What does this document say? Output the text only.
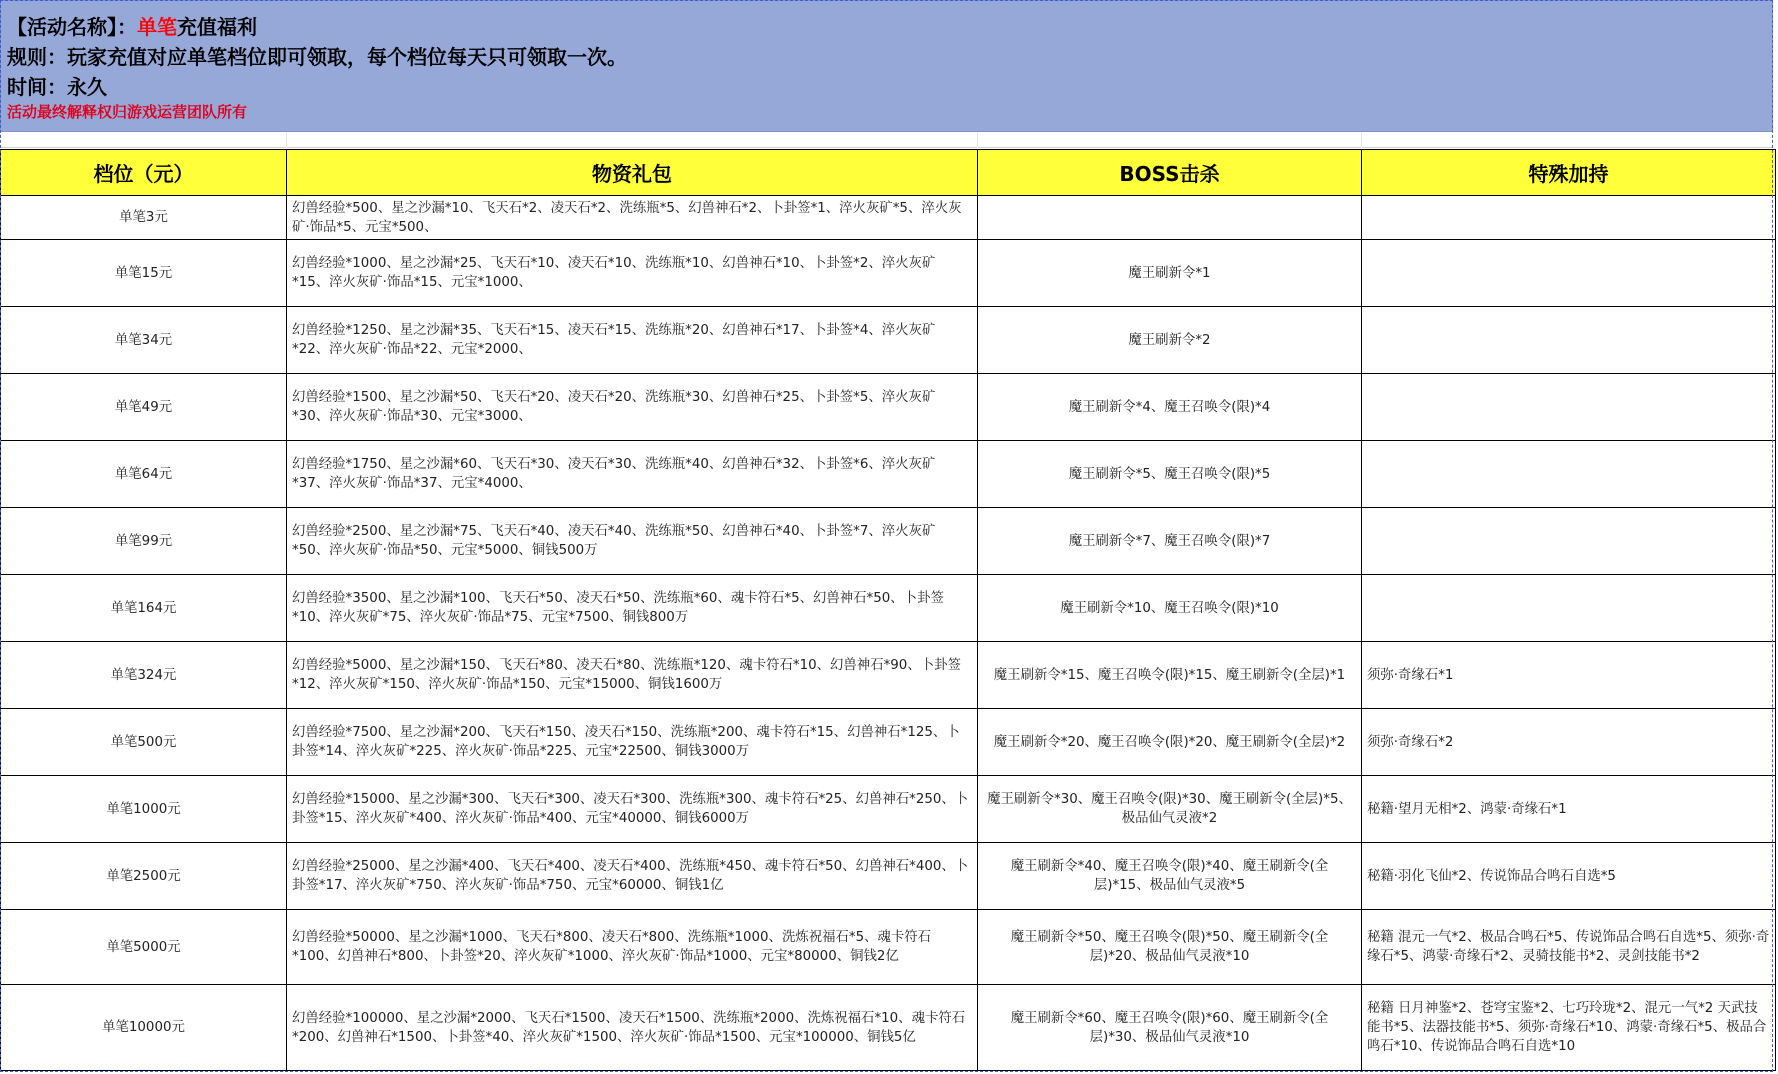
【活动名称】：单笔充值福利
规则：玩家充值对应单笔档位即可领取，每个档位每天只可领取一次。
时间：永久
活动最终解释权归游戏运营团队所有
档位（元）	物资礼包	BOSS击杀	特殊加持
单笔3元	幻兽经验*500、星之沙漏*10、飞天石*2、凌天石*2、洗练瓶*5、幻兽神石*2、卜卦签*1、淬火灰矿*5、淬火灰矿·饰品*5、元宝*500、		
单笔15元	幻兽经验*1000、星之沙漏*25、飞天石*10、凌天石*10、洗练瓶*10、幻兽神石*10、卜卦签*2、淬火灰矿*15、淬火灰矿·饰品*15、元宝*1000、	魔王刷新令*1	
单笔34元	幻兽经验*1250、星之沙漏*35、飞天石*15、凌天石*15、洗练瓶*20、幻兽神石*17、卜卦签*4、淬火灰矿*22、淬火灰矿·饰品*22、元宝*2000、	魔王刷新令*2	
单笔49元	幻兽经验*1500、星之沙漏*50、飞天石*20、凌天石*20、洗练瓶*30、幻兽神石*25、卜卦签*5、淬火灰矿*30、淬火灰矿·饰品*30、元宝*3000、	魔王刷新令*4、魔王召唤令(限)*4	
单笔64元	幻兽经验*1750、星之沙漏*60、飞天石*30、凌天石*30、洗练瓶*40、幻兽神石*32、卜卦签*6、淬火灰矿*37、淬火灰矿·饰品*37、元宝*4000、	魔王刷新令*5、魔王召唤令(限)*5	
单笔99元	幻兽经验*2500、星之沙漏*75、飞天石*40、凌天石*40、洗练瓶*50、幻兽神石*40、卜卦签*7、淬火灰矿*50、淬火灰矿·饰品*50、元宝*5000、铜钱500万	魔王刷新令*7、魔王召唤令(限)*7	
单笔164元	幻兽经验*3500、星之沙漏*100、飞天石*50、凌天石*50、洗练瓶*60、魂卡符石*5、幻兽神石*50、卜卦签*10、淬火灰矿*75、淬火灰矿·饰品*75、元宝*7500、铜钱800万	魔王刷新令*10、魔王召唤令(限)*10	
单笔324元	幻兽经验*5000、星之沙漏*150、飞天石*80、凌天石*80、洗练瓶*120、魂卡符石*10、幻兽神石*90、卜卦签*12、淬火灰矿*150、淬火灰矿·饰品*150、元宝*15000、铜钱1600万	魔王刷新令*15、魔王召唤令(限)*15、魔王刷新令(全层)*1	须弥·奇缘石*1
单笔500元	幻兽经验*7500、星之沙漏*200、飞天石*150、凌天石*150、洗练瓶*200、魂卡符石*15、幻兽神石*125、卜卦签*14、淬火灰矿*225、淬火灰矿·饰品*225、元宝*22500、铜钱3000万	魔王刷新令*20、魔王召唤令(限)*20、魔王刷新令(全层)*2	须弥·奇缘石*2
单笔1000元	幻兽经验*15000、星之沙漏*300、飞天石*300、凌天石*300、洗练瓶*300、魂卡符石*25、幻兽神石*250、卜卦签*15、淬火灰矿*400、淬火灰矿·饰品*400、元宝*40000、铜钱6000万	魔王刷新令*30、魔王召唤令(限)*30、魔王刷新令(全层)*5、极品仙气灵液*2	秘籍·望月无相*2、鸿蒙·奇缘石*1
单笔2500元	幻兽经验*25000、星之沙漏*400、飞天石*400、凌天石*400、洗练瓶*450、魂卡符石*50、幻兽神石*400、卜卦签*17、淬火灰矿*750、淬火灰矿·饰品*750、元宝*60000、铜钱1亿	魔王刷新令*40、魔王召唤令(限)*40、魔王刷新令(全层)*15、极品仙气灵液*5	秘籍·羽化飞仙*2、传说饰品合鸣石自选*5
单笔5000元	幻兽经验*50000、星之沙漏*1000、飞天石*800、凌天石*800、洗练瓶*1000、洗炼祝福石*5、魂卡符石*100、幻兽神石*800、卜卦签*20、淬火灰矿*1000、淬火灰矿·饰品*1000、元宝*80000、铜钱2亿	魔王刷新令*50、魔王召唤令(限)*50、魔王刷新令(全层)*20、极品仙气灵液*10	秘籍 混元一气*2、极品合鸣石*5、传说饰品合鸣石自选*5、须弥·奇缘石*5、鸿蒙·奇缘石*2、灵骑技能书*2、灵剑技能书*2
单笔10000元	幻兽经验*100000、星之沙漏*2000、飞天石*1500、凌天石*1500、洗练瓶*2000、洗炼祝福石*10、魂卡符石*200、幻兽神石*1500、卜卦签*40、淬火灰矿*1500、淬火灰矿·饰品*1500、元宝*100000、铜钱5亿	魔王刷新令*60、魔王召唤令(限)*60、魔王刷新令(全层)*30、极品仙气灵液*10	秘籍 日月神鉴*2、苍穹宝鉴*2、七巧玲珑*2、混元一气*2 天武技能书*5、法器技能书*5、须弥·奇缘石*10、鸿蒙·奇缘石*5、极品合鸣石*10、传说饰品合鸣石自选*10
